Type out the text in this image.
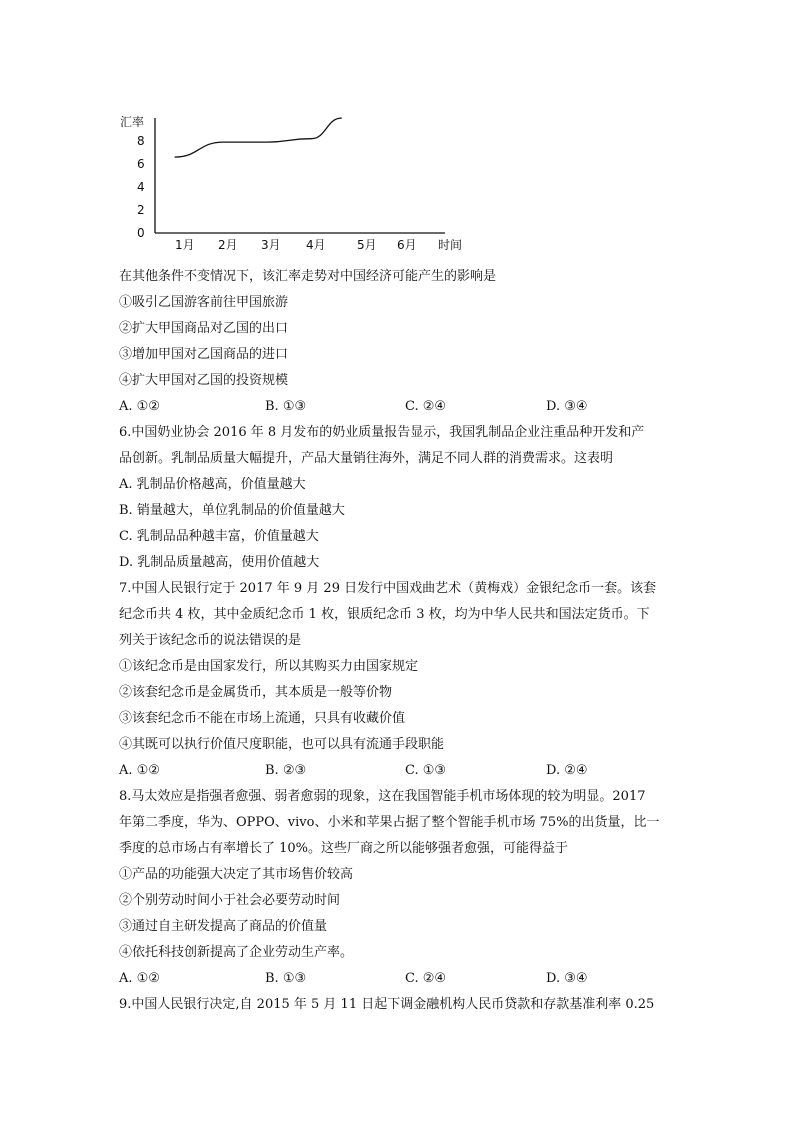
汇率
时间
0
2
4
6
8
1月 2月 3月 4月	5月 6月
在其他条件不变情况下，该汇率走势对中国经济可能产生的影响是
①吸引乙国游客前往甲国旅游
②扩大甲国商品对乙国的出口
③增加甲国对乙国商品的进口
④扩大甲国对乙国的投资规模
A. ①②	B. ①③	C. ②④	D. ③④
6.中国奶业协会 2016 年 8 月发布的奶业质量报告显示，我国乳制品企业注重品种开发和产
品创新。乳制品质量大幅提升，产品大量销往海外，满足不同人群的消费需求。这表明
A. 乳制品价格越高，价值量越大
B. 销量越大，单位乳制品的价值量越大
C. 乳制品品种越丰富，价值量越大
D. 乳制品质量越高，使用价值越大
7.中国人民银行定于 2017 年 9 月 29 日发行中国戏曲艺术（黄梅戏）金银纪念币一套。该套
纪念币共 4 枚，其中金质纪念币 1 枚，银质纪念币 3 枚，均为中华人民共和国法定货币。下
列关于该纪念币的说法错误的是
①该纪念币是由国家发行，所以其购买力由国家规定
②该套纪念币是金属货币，其本质是一般等价物
③该套纪念币不能在市场上流通，只具有收藏价值
④其既可以执行价值尺度职能，也可以具有流通手段职能
A. ①②	B. ②③	C. ①③	D. ②④
8.马太效应是指强者愈强、弱者愈弱的现象，这在我国智能手机市场体现的较为明显。2017
年第二季度，华为、OPPO、vivo、小米和苹果占据了整个智能手机市场 75%的出货量，比一
季度的总市场占有率增长了 10%。这些厂商之所以能够强者愈强，可能得益于
①产品的功能强大决定了其市场售价较高
②个别劳动时间小于社会必要劳动时间
③通过自主研发提高了商品的价值量
④依托科技创新提高了企业劳动生产率。
A. ①②	B. ①③	C. ②④	D. ③④
9.中国人民银行决定,自 2015 年 5 月 11 日起下调金融机构人民币贷款和存款基准利率 0.25
